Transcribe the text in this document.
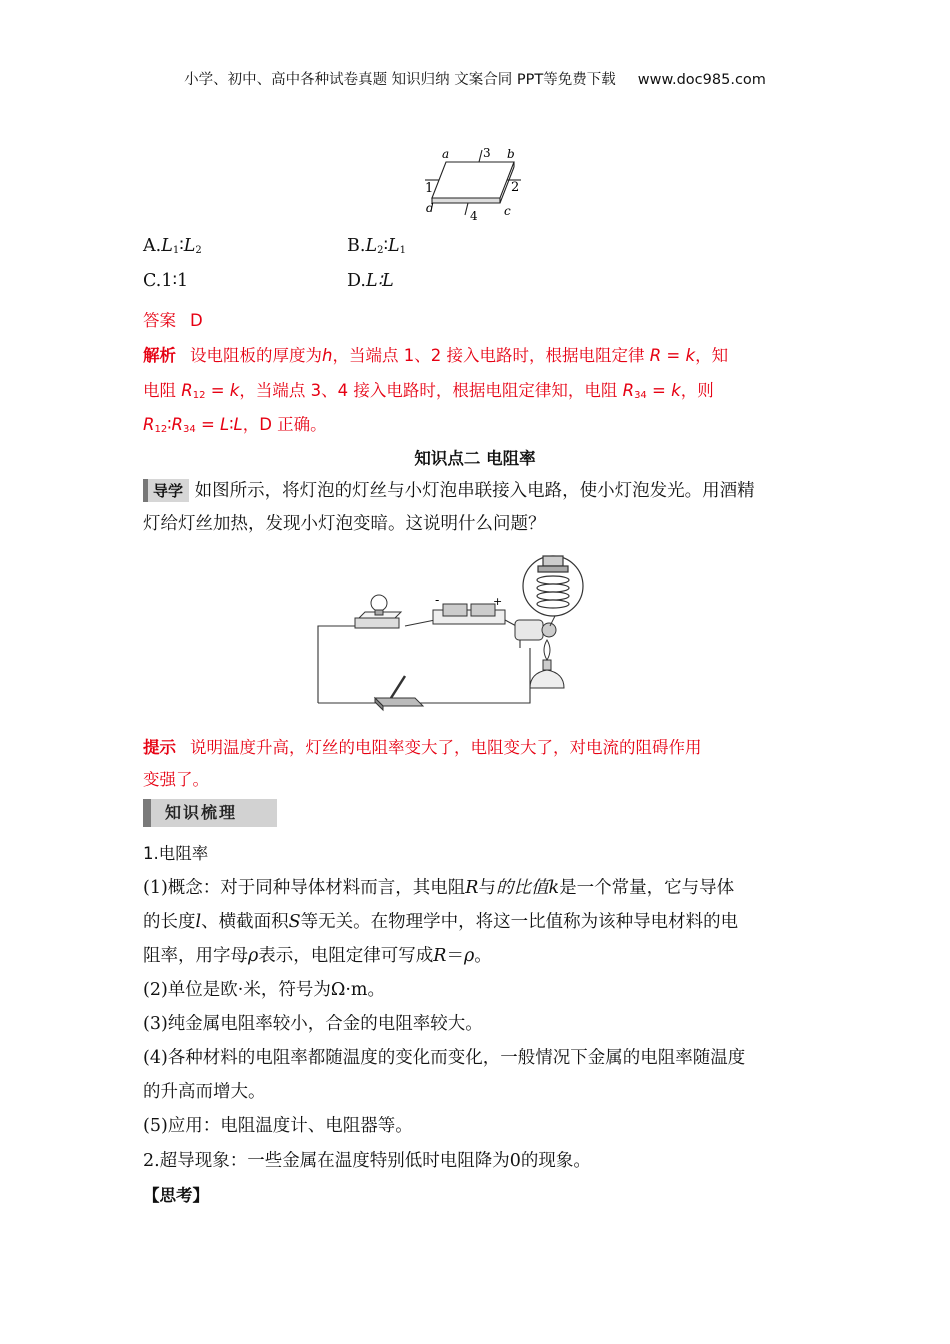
小学、初中、高中各种试卷真题 知识归纳 文案合同 PPT等免费下载 www.doc985.com
a	b
c
d
1	2
3
4
$A.L_1∶L_2$	$B.L_2∶L_1$
C.1∶1	D.L∶L
答案 D
解析 设电阻板的厚度为h，当端点 1、2 接入电路时，根据电阻定律 R = k，知
电阻 $R_{12} = k$，当端点 3、4 接入电路时，根据电阻定律知，电阻 $R_{34} = k$，则
$R_{12}∶R_{34}$ = L∶L，D 正确。
知识点二 电阻率
导学 如图所示，将灯泡的灯丝与小灯泡串联接入电路，使小灯泡发光。用酒精
灯给灯丝加热，发现小灯泡变暗。这说明什么问题？
-	+
提示 说明温度升高，灯丝的电阻率变大了，电阻变大了，对电流的阻碍作用
变强了。
知识梳理
1.电阻率
(1)概念：对于同种导体材料而言，其电阻R与的比值k是一个常量，它与导体
的长度l、横截面积S等无关。在物理学中，将这一比值称为该种导电材料的电
阻率，用字母ρ表示，电阻定律可写成R＝ρ。
(2)单位是欧·米，符号为Ω·m。
(3)纯金属电阻率较小，合金的电阻率较大。
(4)各种材料的电阻率都随温度的变化而变化，一般情况下金属的电阻率随温度
的升高而增大。
(5)应用：电阻温度计、电阻器等。
2.超导现象：一些金属在温度特别低时电阻降为0的现象。
【思考】
